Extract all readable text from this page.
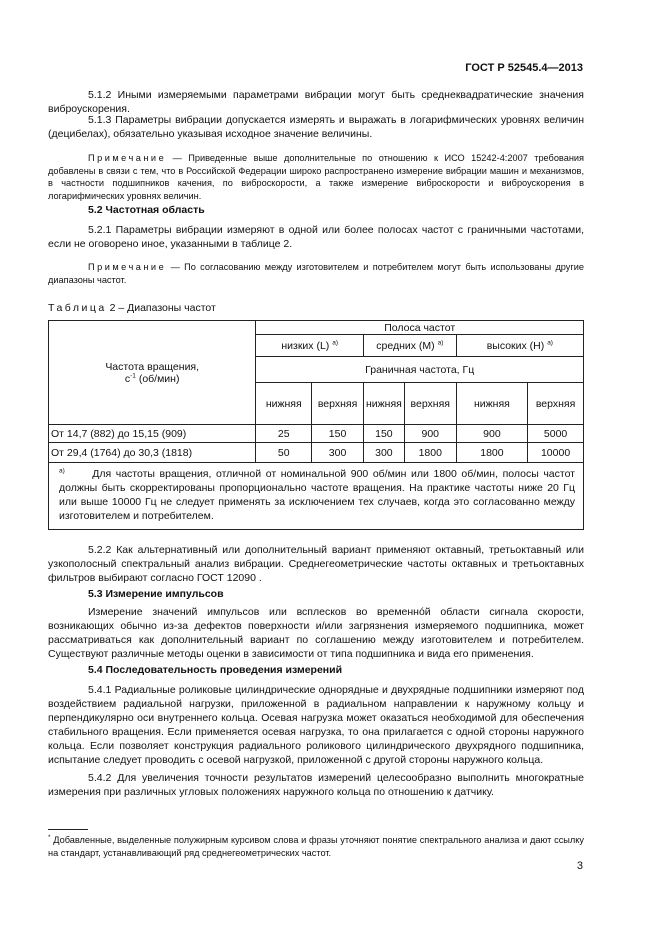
ГОСТ Р 52545.4—2013
5.1.2 Иными измеряемыми параметрами вибрации могут быть среднеквадратические значения виброускорения.
5.1.3 Параметры вибрации допускается измерять и выражать в логарифмических уровнях величин (децибелах), обязательно указывая исходное значение величины.
Примечание — Приведенные выше дополнительные по отношению к ИСО 15242-4:2007 требования добавлены в связи с тем, что в Российской Федерации широко распространено измерение вибрации машин и механизмов, в частности подшипников качения, по виброскорости, а также измерение виброскорости и виброускорения в логарифмических уровнях величин.
5.2 Частотная область
5.2.1 Параметры вибрации измеряют в одной или более полосах частот с граничными частотами, если не оговорено иное, указанными в таблице 2.
Примечание — По согласованию между изготовителем и потребителем могут быть использованы другие диапазоны частот.
Таблица 2 – Диапазоны частот
Частота вращения,
$с^{-1}$ (об/мин)	Полоса частот					
	низких (L) $^{a)}$		средних (M) $^{a)}$		высоких (H) $^{a)}$
	Граничная частота, Гц					
	нижняя	верхняя	нижняя	верхняя	нижняя	верхняя
От 14,7 (882) до 15,15 (909)	25	150	150	900	900	5000
От 29,4 (1764) до 30,3 (1818)	50	300	300	1800	1800	10000
$^{a)}$ Для частоты вращения, отличной от номинальной 900 об/мин или 1800 об/мин, полосы частот должны быть скорректированы пропорционально частоте вращения. На практике частоты ниже 20 Гц или выше 10000 Гц не следует применять за исключением тех случаев, когда это согласованно между изготовителем и потребителем.						
5.2.2 Как альтернативный или дополнительный вариант применяют октавный, третьоктавный или узкополосный спектральный анализ вибрации. Среднегеометрические частоты октавных и третьоктавных фильтров выбирают согласно ГОСТ 12090 .
5.3 Измерение импульсов
Измерение значений импульсов или всплесков во временнóй области сигнала скорости, возникающих обычно из-за дефектов поверхности и/или загрязнения измеряемого подшипника, может рассматриваться как дополнительный вариант по соглашению между изготовителем и потребителем. Существуют различные методы оценки в зависимости от типа подшипника и вида его применения.
5.4 Последовательность проведения измерений
5.4.1 Радиальные роликовые цилиндрические однорядные и двухрядные подшипники измеряют под воздействием радиальной нагрузки, приложенной в радиальном направлении к наружному кольцу и перпендикулярно оси внутреннего кольца. Осевая нагрузка может оказаться необходимой для обеспечения стабильного вращения. Если применяется осевая нагрузка, то она прилагается с одной стороны наружного кольца. Если позволяет конструкция радиального роликового цилиндрического двухрядного подшипника, испытание следует проводить с осевой нагрузкой, приложенной с другой стороны наружного кольца.
5.4.2 Для увеличения точности результатов измерений целесообразно выполнить многократные измерения при различных угловых положениях наружного кольца по отношению к датчику.
* Добавленные, выделенные полужирным курсивом слова и фразы уточняют понятие спектрального анализа и дают ссылку на стандарт, устанавливающий ряд среднегеометрических частот.
3
